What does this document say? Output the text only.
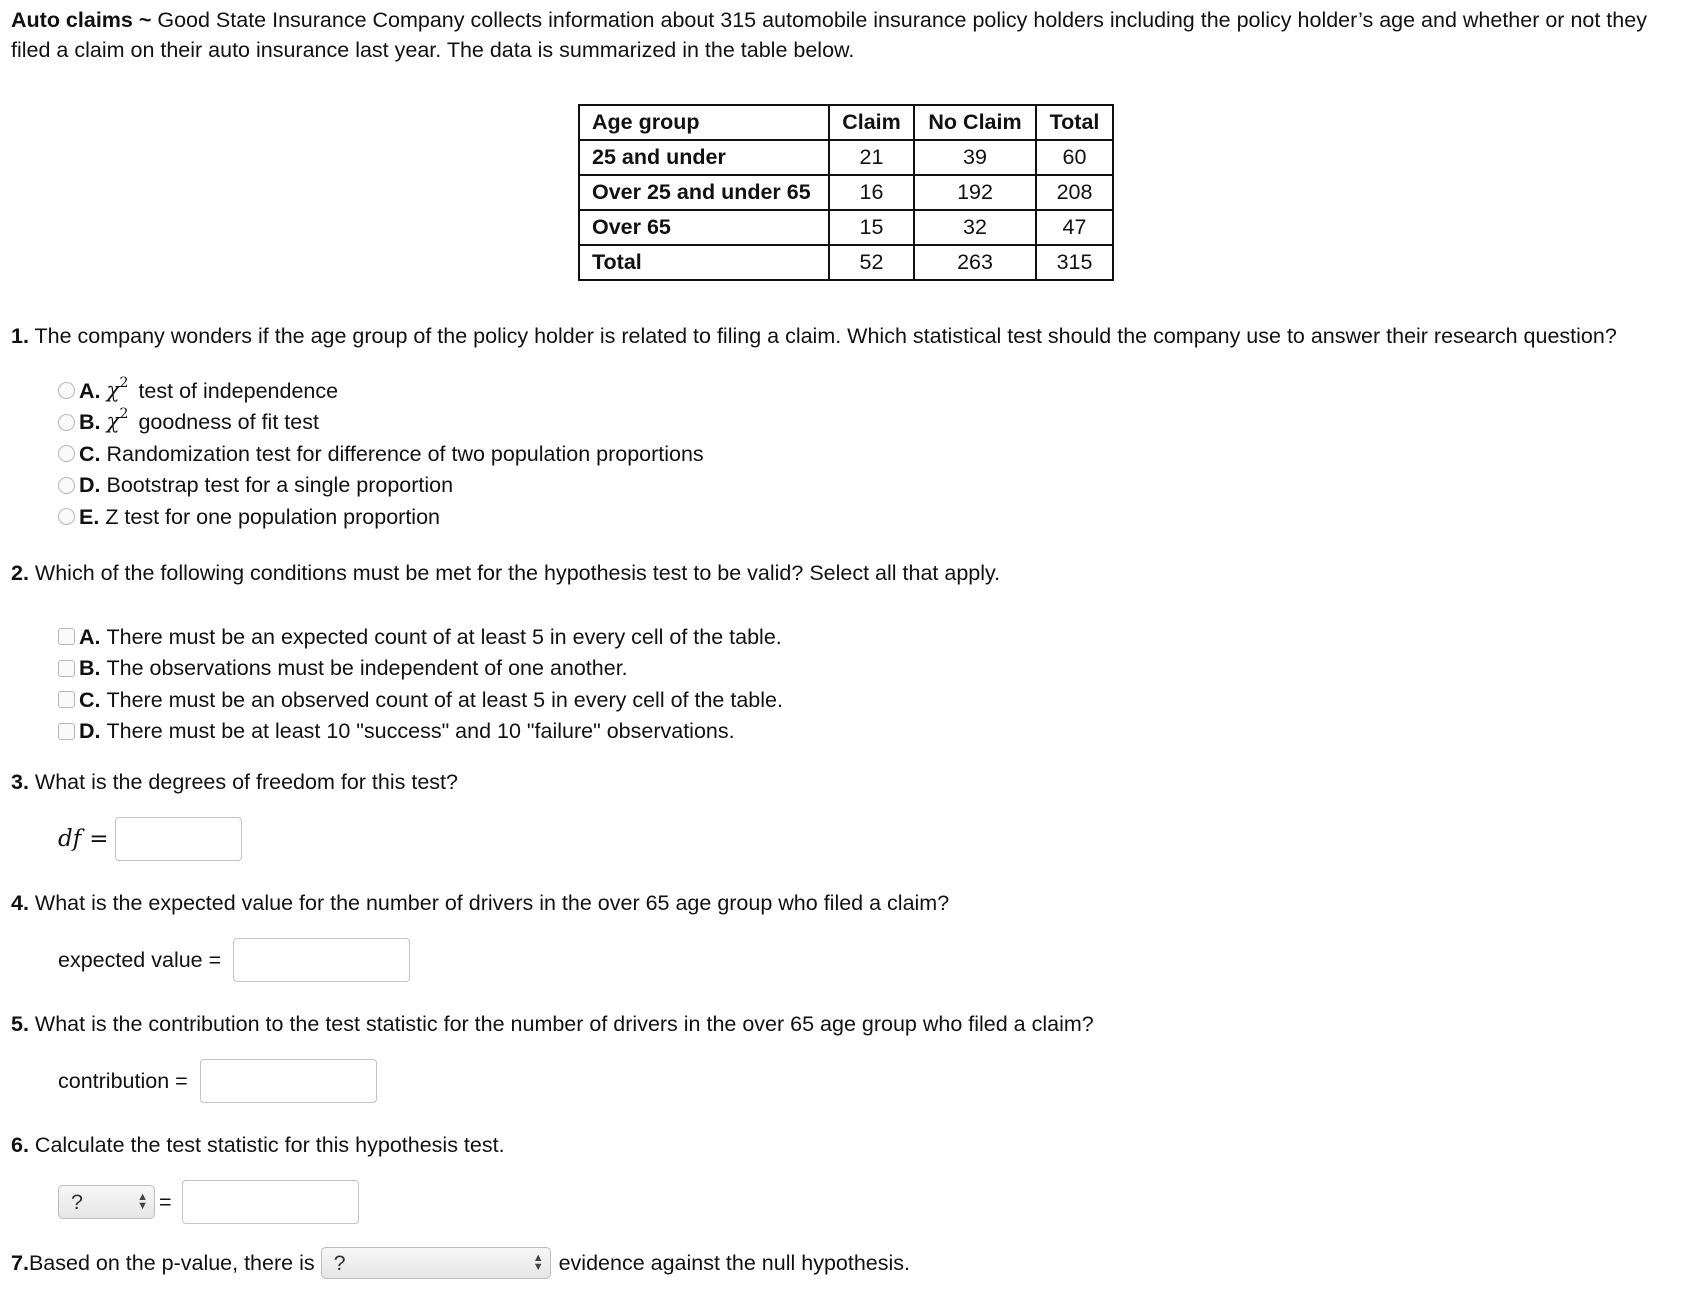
Auto claims ~ Good State Insurance Company collects information about 315 automobile insurance policy holders including the policy holder’s age and whether or not they filed a claim on their auto insurance last year. The data is summarized in the table below.

Age group	Claim	No Claim	Total
25 and under	21	39	60
Over 25 and under 65	16	192	208
Over 65	15	32	47
Total	52	263	315

1. The company wonders if the age group of the policy holder is related to filing a claim. Which statistical test should the company use to answer their research question?

A. $\chi^2$ test of independence
B. $\chi^2$ goodness of fit test
C. Randomization test for difference of two population proportions
D. Bootstrap test for a single proportion
E. Z test for one population proportion

2. Which of the following conditions must be met for the hypothesis test to be valid? Select all that apply.

A. There must be an expected count of at least 5 in every cell of the table.
B. The observations must be independent of one another.
C. There must be an observed count of at least 5 in every cell of the table.
D. There must be at least 10 "success" and 10 "failure" observations.

3. What is the degrees of freedom for this test?

df =

4. What is the expected value for the number of drivers in the over 65 age group who filed a claim?

expected value =

5. What is the contribution to the test statistic for the number of drivers in the over 65 age group who filed a claim?

contribution =

6. Calculate the test statistic for this hypothesis test.

?	▲
▼ =
7. Based on the p-value, there is ?	▲
▼ evidence against the null hypothesis.
